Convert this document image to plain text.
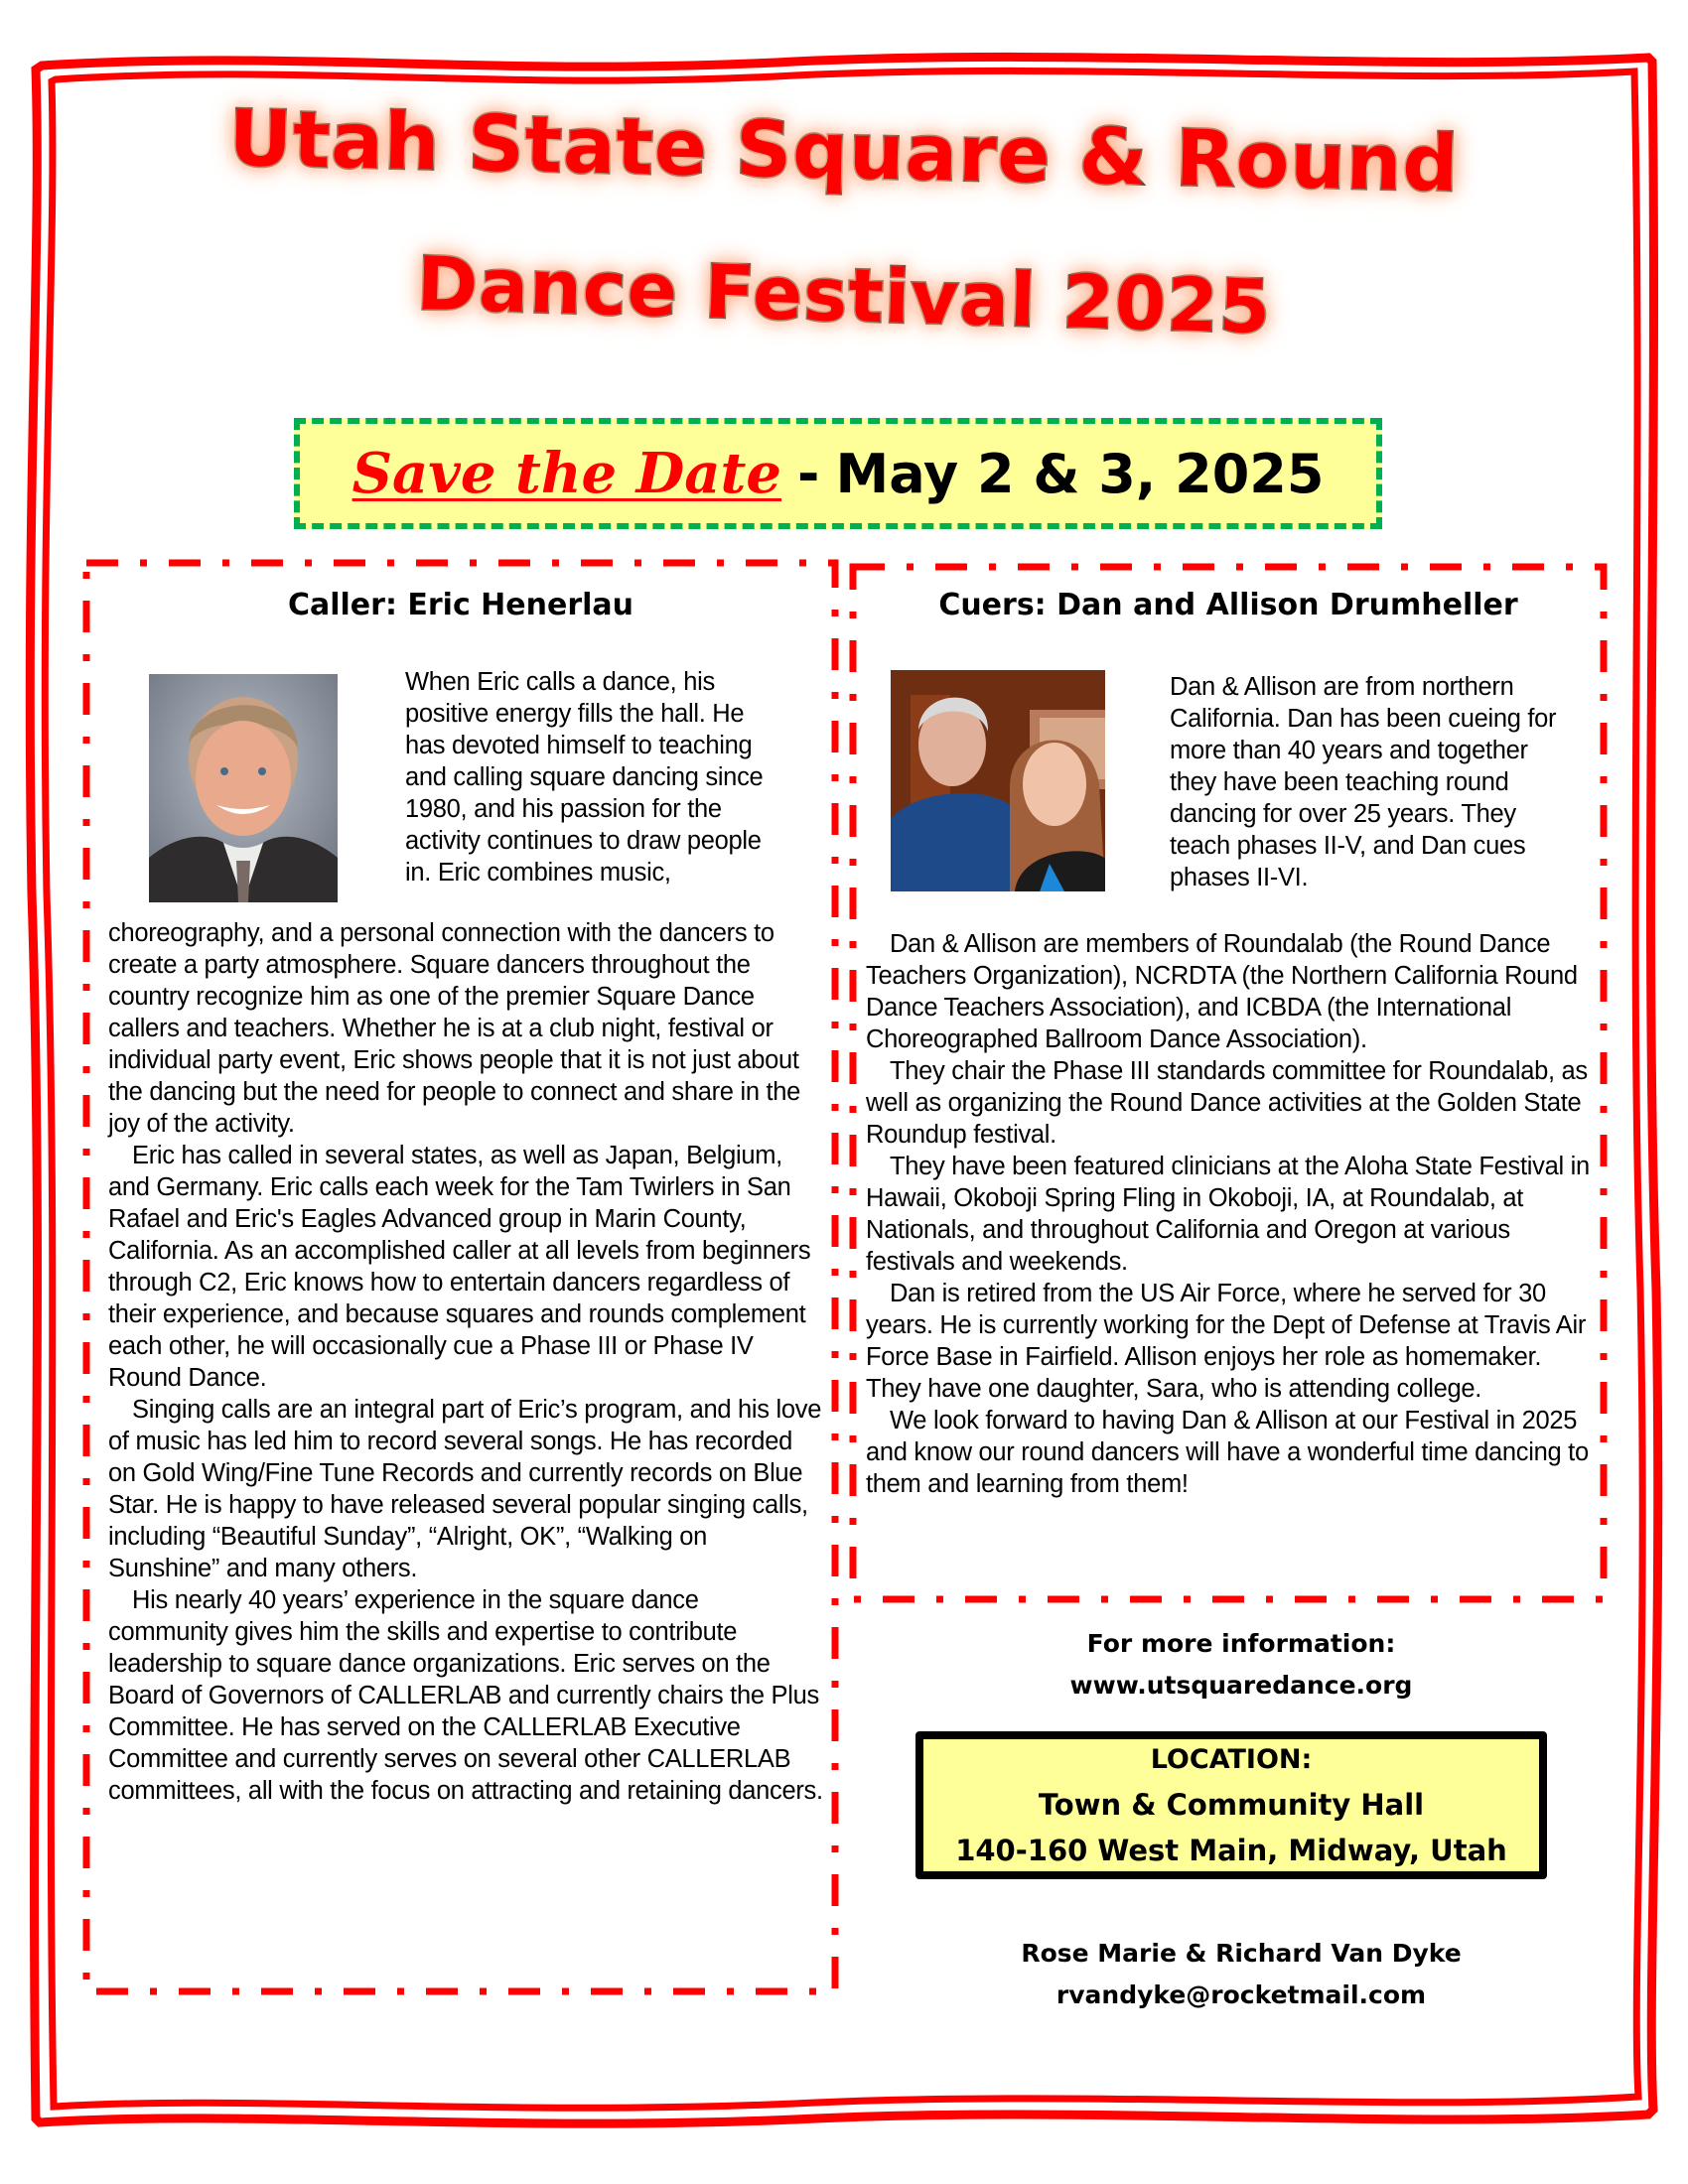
Utah State Square & Round
Dance Festival 2025
Save the Date - May 2 & 3, 2025
Caller: Eric Henerlau
When Eric calls a dance, his positive energy fills the hall. He has devoted himself to teaching and calling square dancing since 1980, and his passion for the activity continues to draw people in. Eric combines music,

choreography, and a personal connection with the dancers to create a party atmosphere. Square dancers throughout the country recognize him as one of the premier Square Dance callers and teachers. Whether he is at a club night, festival or individual party event, Eric shows people that it is not just about the dancing but the need for people to connect and share in the joy of the activity.

Eric has called in several states, as well as Japan, Belgium, and Germany. Eric calls each week for the Tam Twirlers in San Rafael and Eric's Eagles Advanced group in Marin County, California. As an accomplished caller at all levels from beginners through C2, Eric knows how to entertain dancers regardless of their experience, and because squares and rounds complement each other, he will occasionally cue a Phase III or Phase IV Round Dance.

Singing calls are an integral part of Eric’s program, and his love of music has led him to record several songs. He has recorded on Gold Wing/Fine Tune Records and currently records on Blue Star. He is happy to have released several popular singing calls, including “Beautiful Sunday”, “Alright, OK”, “Walking on Sunshine” and many others.

His nearly 40 years’ experience in the square dance community gives him the skills and expertise to contribute leadership to square dance organizations. Eric serves on the Board of Governors of CALLERLAB and currently chairs the Plus Committee. He has served on the CALLERLAB Executive Committee and currently serves on several other CALLERLAB committees, all with the focus on attracting and retaining dancers.

Cuers: Dan and Allison Drumheller
Dan & Allison are from northern California. Dan has been cueing for more than 40 years and together they have been teaching round dancing for over 25 years. They teach phases II-V, and Dan cues phases II-VI.

Dan & Allison are members of Roundalab (the Round Dance Teachers Organization), NCRDTA (the Northern California Round Dance Teachers Association), and ICBDA (the International Choreographed Ballroom Dance Association).

They chair the Phase III standards committee for Roundalab, as well as organizing the Round Dance activities at the Golden State Roundup festival.

They have been featured clinicians at the Aloha State Festival in Hawaii, Okoboji Spring Fling in Okoboji, IA, at Roundalab, at Nationals, and throughout California and Oregon at various festivals and weekends.

Dan is retired from the US Air Force, where he served for 30 years. He is currently working for the Dept of Defense at Travis Air Force Base in Fairfield. Allison enjoys her role as homemaker. They have one daughter, Sara, who is attending college.

We look forward to having Dan & Allison at our Festival in 2025 and know our round dancers will have a wonderful time dancing to them and learning from them!

For more information:
www.utsquaredance.org
LOCATION:
Town & Community Hall
140-160 West Main, Midway, Utah
Rose Marie & Richard Van Dyke
rvandyke@rocketmail.com
